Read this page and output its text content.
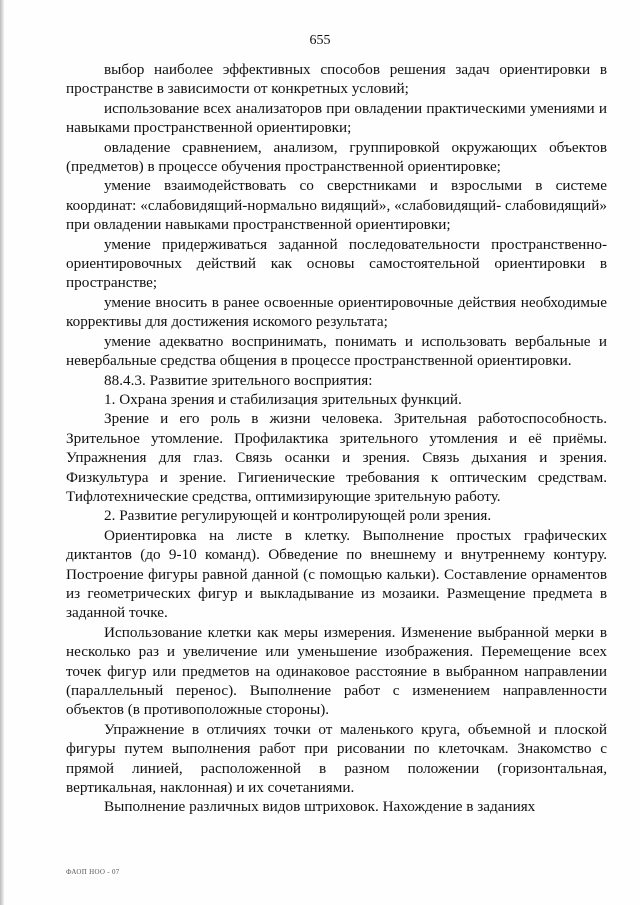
655

выбор наиболее эффективных способов решения задач ориентировки в пространстве в зависимости от конкретных условий;

использование всех анализаторов при овладении практическими умениями и навыками пространственной ориентировки;

овладение сравнением, анализом, группировкой окружающих объектов (предметов) в процессе обучения пространственной ориентировке;

умение взаимодействовать со сверстниками и взрослыми в системе координат: «слабовидящий-нормально видящий», «слабовидящий- слабовидящий» при овладении навыками пространственной ориентировки;

умение придерживаться заданной последовательности пространственно-ориентировочных действий как основы самостоятельной ориентировки в пространстве;

умение вносить в ранее освоенные ориентировочные действия необходимые коррективы для достижения искомого результата;

умение адекватно воспринимать, понимать и использовать вербальные и невербальные средства общения в процессе пространственной ориентировки.

88.4.3. Развитие зрительного восприятия:

1. Охрана зрения и стабилизация зрительных функций.

Зрение и его роль в жизни человека. Зрительная работоспособность. Зрительное утомление. Профилактика зрительного утомления и её приёмы. Упражнения для глаз. Связь осанки и зрения. Связь дыхания и зрения. Физкультура и зрение. Гигиенические требования к оптическим средствам. Тифлотехнические средства, оптимизирующие зрительную работу.

2. Развитие регулирующей и контролирующей роли зрения.

Ориентировка на листе в клетку. Выполнение простых графических диктантов (до 9-10 команд). Обведение по внешнему и внутреннему контуру. Построение фигуры равной данной (с помощью кальки). Составление орнаментов из геометрических фигур и выкладывание из мозаики. Размещение предмета в заданной точке.

Использование клетки как меры измерения. Изменение выбранной мерки в несколько раз и увеличение или уменьшение изображения. Перемещение всех точек фигур или предметов на одинаковое расстояние в выбранном направлении (параллельный перенос). Выполнение работ с изменением направленности объектов (в противоположные стороны).

Упражнение в отличиях точки от маленького круга, объемной и плоской фигуры путем выполнения работ при рисовании по клеточкам. Знакомство с прямой линией, расположенной в разном положении (горизонтальная, вертикальная, наклонная) и их сочетаниями.

Выполнение различных видов штриховок. Нахождение в заданиях

ФАОП НОО - 07
